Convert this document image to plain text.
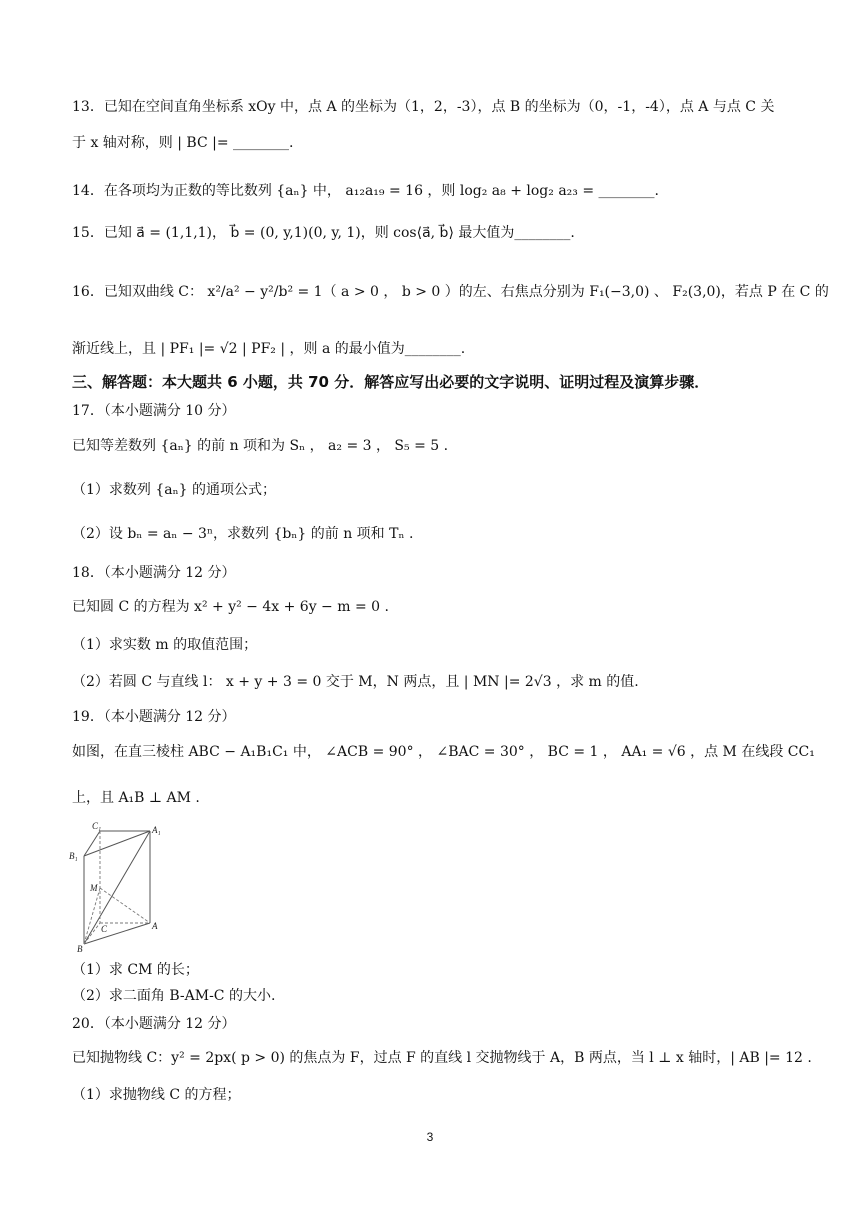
13．已知在空间直角坐标系 xOy 中，点 A 的坐标为（1，2，-3），点 B 的坐标为（0，-1，-4），点 A 与点 C 关
于 x 轴对称，则 | BC |= ________.
14．在各项均为正数的等比数列 {aₙ} 中， a₁₂a₁₉ = 16 ，则 log₂ a₈ + log₂ a₂₃ = ________.
15．已知 a⃗ = (1,1,1)， b⃗ = (0, y,1)(0, y, 1)，则 cos⟨a⃗, b⃗⟩ 最大值为________.
16．已知双曲线 C： x²/a² − y²/b² = 1（ a > 0 ， b > 0 ）的左、右焦点分别为 F₁(−3,0) 、 F₂(3,0)，若点 P 在 C 的
渐近线上，且 | PF₁ |= √2 | PF₂ | ，则 a 的最小值为________.
三、解答题：本大题共 6 小题，共 70 分．解答应写出必要的文字说明、证明过程及演算步骤．
17．（本小题满分 10 分）
已知等差数列 {aₙ} 的前 n 项和为 Sₙ ， a₂ = 3 ， S₅ = 5 .
（1）求数列 {aₙ} 的通项公式；
（2）设 bₙ = aₙ − 3ⁿ，求数列 {bₙ} 的前 n 项和 Tₙ .
18．（本小题满分 12 分）
已知圆 C 的方程为 x² + y² − 4x + 6y − m = 0 .
（1）求实数 m 的取值范围；
（2）若圆 C 与直线 l： x + y + 3 = 0 交于 M，N 两点，且 | MN |= 2√3 ，求 m 的值.
19．（本小题满分 12 分）
如图，在直三棱柱 ABC − A₁B₁C₁ 中， ∠ACB = 90° ， ∠BAC = 30° ， BC = 1 ， AA₁ = √6 ，点 M 在线段 CC₁
上，且 A₁B ⊥ AM .
C₁	A₁
B₁
M
C	A
B
（1）求 CM 的长；
（2）求二面角 B-AM-C 的大小.
20．（本小题满分 12 分）
已知抛物线 C：y² = 2px( p > 0) 的焦点为 F，过点 F 的直线 l 交抛物线于 A，B 两点，当 l ⊥ x 轴时，| AB |= 12 .
（1）求抛物线 C 的方程；
3
